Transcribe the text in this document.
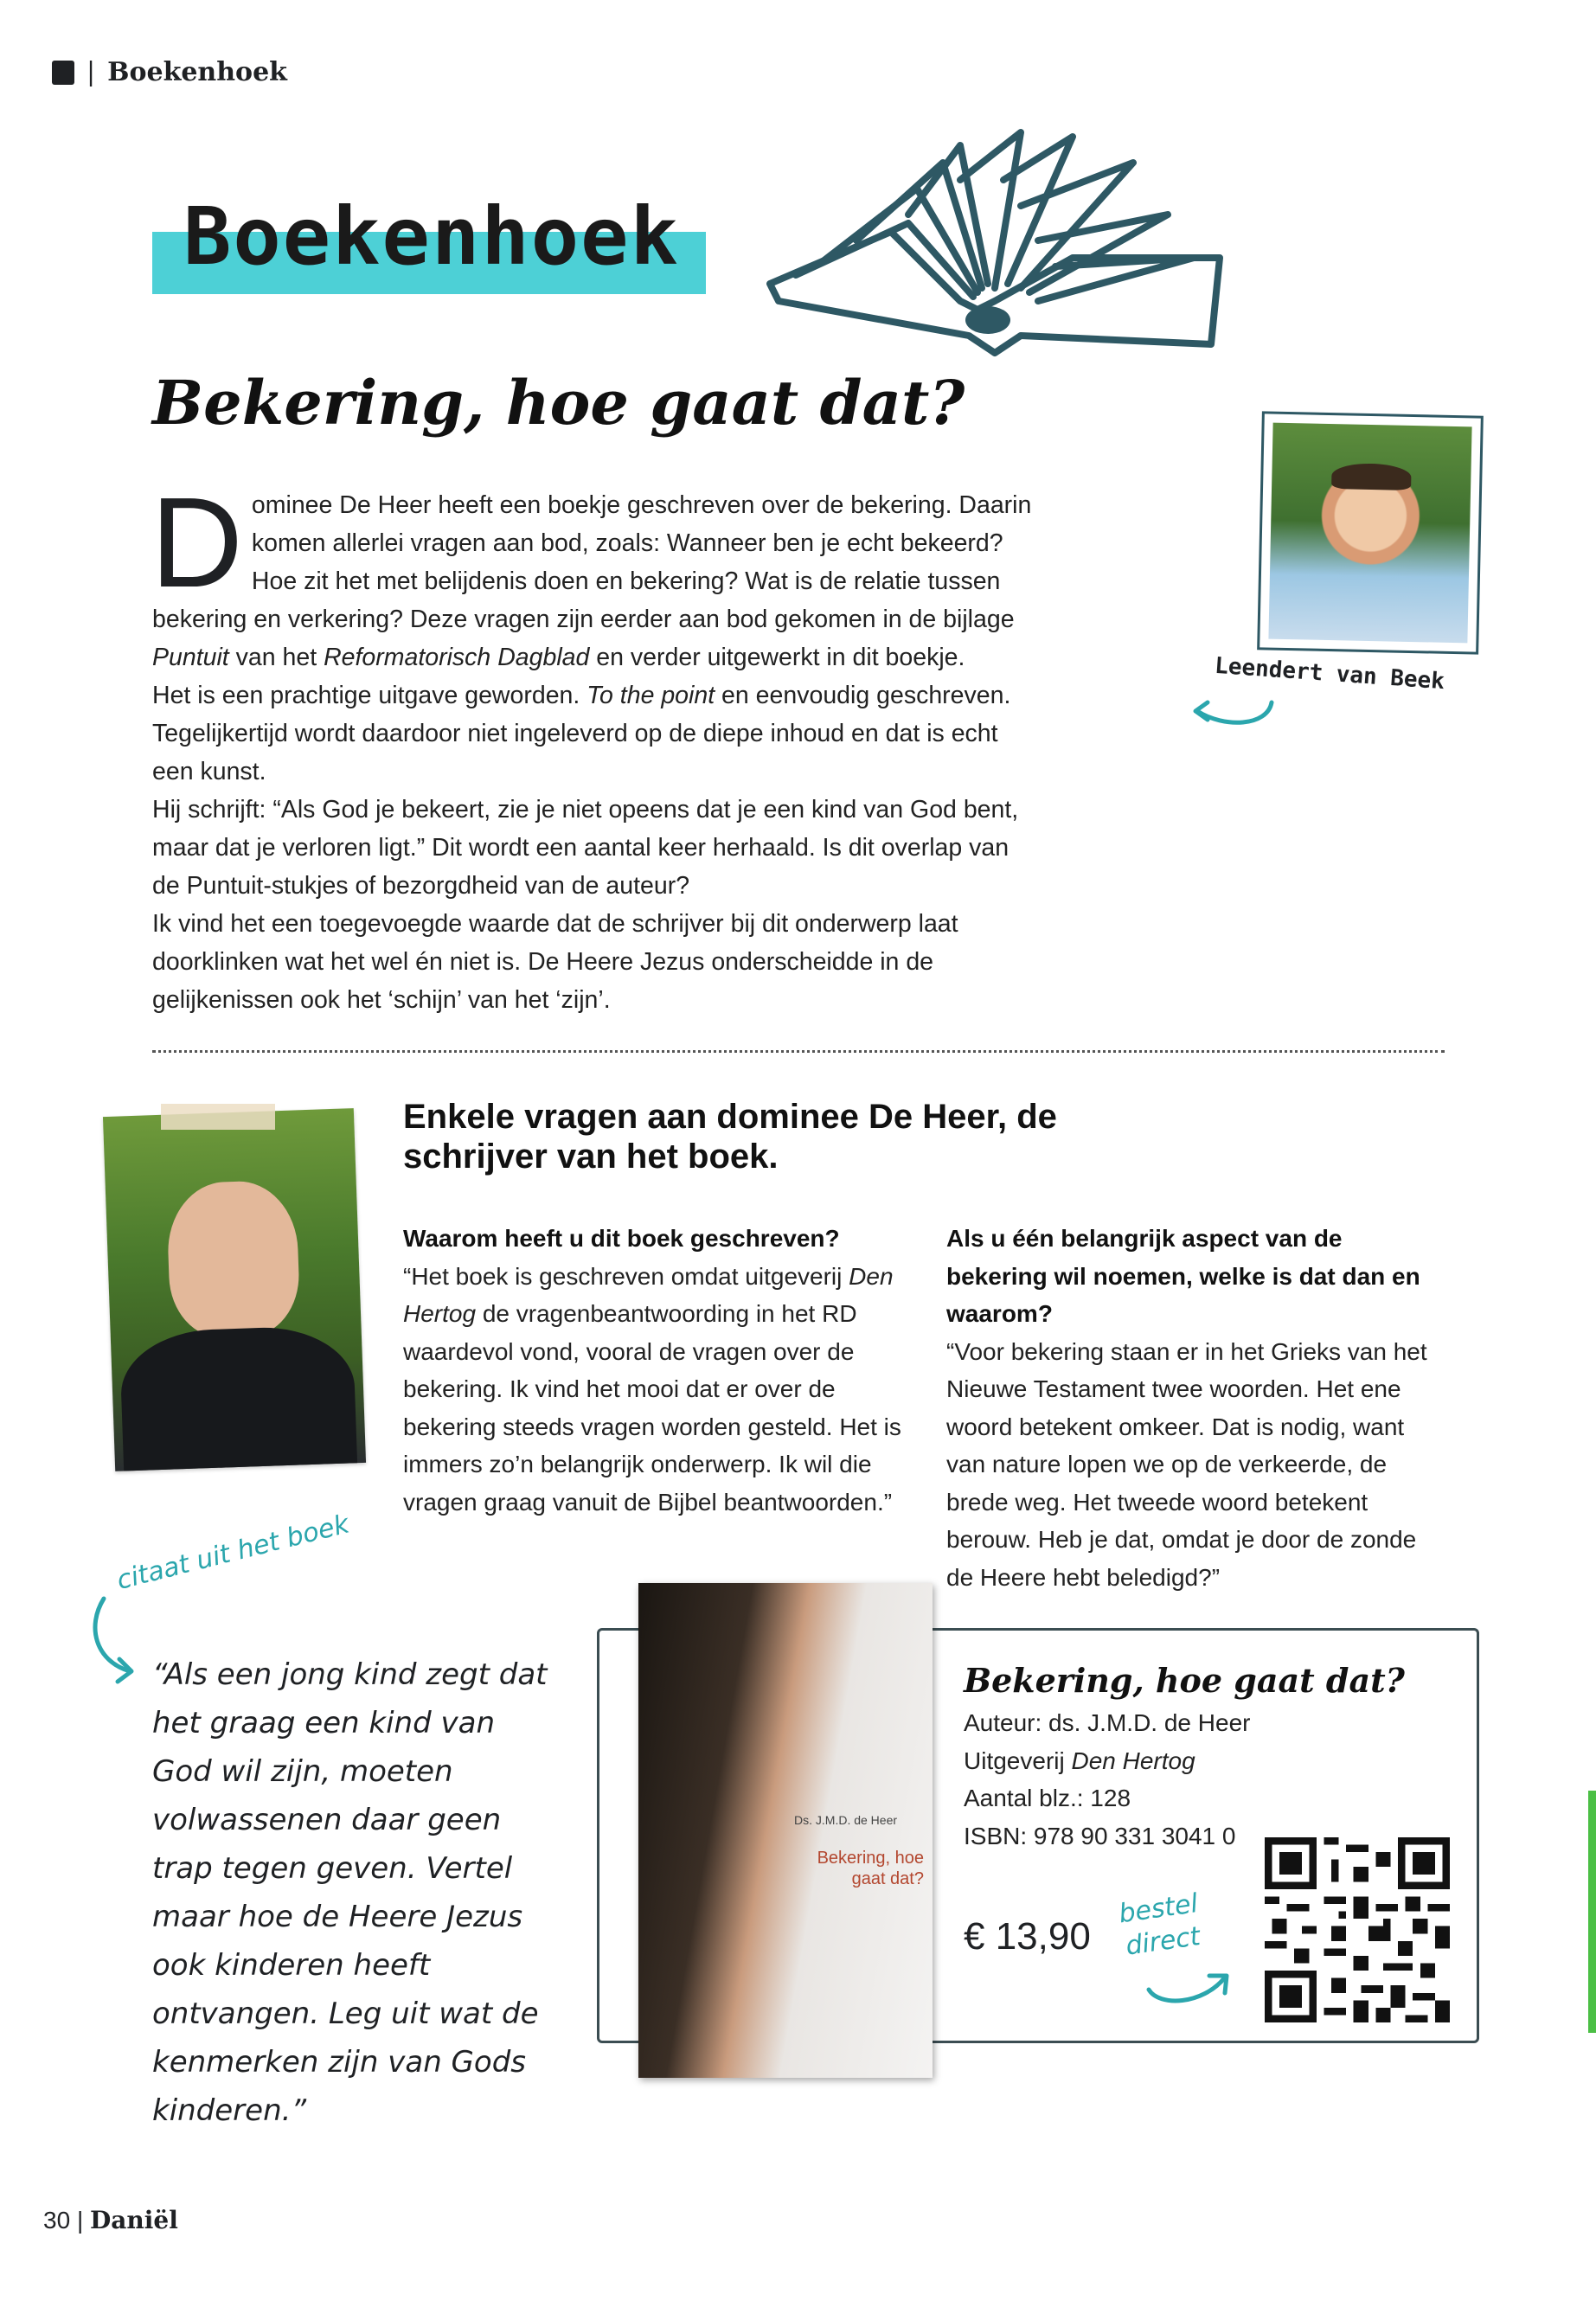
| Boekenhoek
Boekenhoek
Bekering, hoe gaat dat?

Dominee De Heer heeft een boekje geschreven over de bekering. Daarin komen allerlei vragen aan bod, zoals: Wanneer ben je echt bekeerd? Hoe zit het met belijdenis doen en bekering? Wat is de relatie tussen bekering en verkering? Deze vragen zijn eerder aan bod gekomen in de bijlage Puntuit van het Reformatorisch Dagblad en verder uitgewerkt in dit boekje.

Het is een prachtige uitgave geworden. To the point en eenvoudig geschreven. Tegelijkertijd wordt daardoor niet ingeleverd op de diepe inhoud en dat is echt een kunst.

Hij schrijft: “Als God je bekeert, zie je niet opeens dat je een kind van God bent, maar dat je verloren ligt.” Dit wordt een aantal keer herhaald. Is dit overlap van de Puntuit-stukjes of bezorgdheid van de auteur?

Ik vind het een toegevoegde waarde dat de schrijver bij dit onderwerp laat doorklinken wat het wel én niet is. De Heere Jezus onderscheidde in de gelijkenissen ook het ‘schijn’ van het ‘zijn’.

Leendert van Beek
Enkele vragen aan dominee De Heer, de schrijver van het boek.
Waarom heeft u dit boek geschreven?
“Het boek is geschreven omdat uitgeverij Den Hertog de vragenbeantwoording in het RD waardevol vond, vooral de vragen over de bekering. Ik vind het mooi dat er over de bekering steeds vragen worden gesteld. Het is immers zo’n belangrijk onderwerp. Ik wil die vragen graag vanuit de Bijbel beantwoorden.”
Als u één belangrijk aspect van de bekering wil noemen, welke is dat dan en waarom?
“Voor bekering staan er in het Grieks van het Nieuwe Testament twee woorden. Het ene woord betekent omkeer. Dat is nodig, want van nature lopen we op de verkeerde, de brede weg. Het tweede woord betekent berouw. Heb je dat, omdat je door de zonde de Heere hebt beledigd?”
citaat uit het boek
“Als een jong kind zegt dat het graag een kind van God wil zijn, moeten volwassenen daar geen trap tegen geven. Vertel maar hoe de Heere Jezus ook kinderen heeft ontvangen. Leg uit wat de kenmerken zijn van Gods kinderen.”
Ds. J.M.D. de Heer
Bekering, hoe gaat dat?
Bekering, hoe gaat dat?
Auteur: ds. J.M.D. de Heer
Uitgeverij Den Hertog
Aantal blz.: 128
ISBN: 978 90 331 3041 0
€ 13,90
bestel
direct
30 | Daniël
